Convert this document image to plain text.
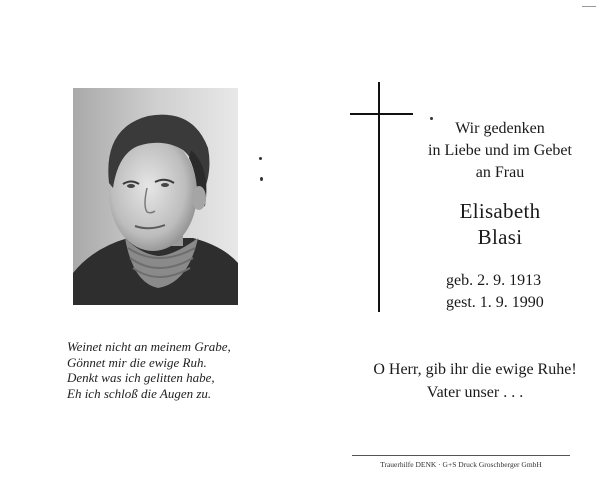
Weinet nicht an meinem Grabe,
Gönnet mir die ewige Ruh.
Denkt was ich gelitten habe,
Eh ich schloß die Augen zu.
Wir gedenken
in Liebe und im Gebet
an Frau
Elisabeth
Blasi
geb. 2. 9. 1913
gest. 1. 9. 1990
O Herr, gib ihr die ewige Ruhe!
Vater unser . . .
Trauerhilfe DENK · G+S Druck Groschberger GmbH
